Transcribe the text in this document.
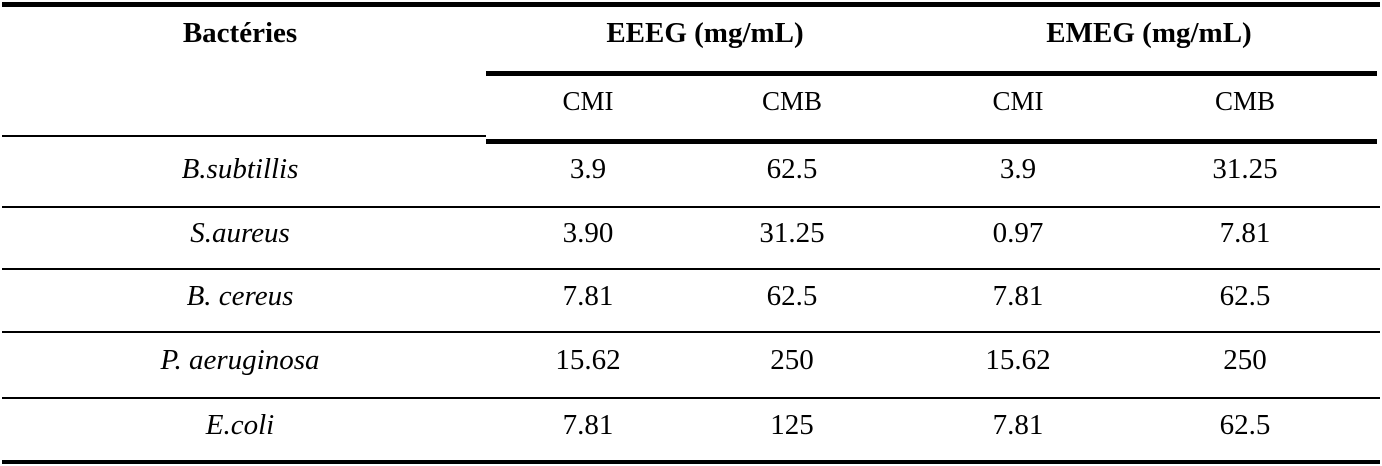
Bactéries	EEEG (mg/mL)	EMEG (mg/mL)
CMI	CMB	CMI	CMB
B.subtillis	3.9	62.5	3.9	31.25
S.aureus	3.90	31.25	0.97	7.81
B. cereus	7.81	62.5	7.81	62.5
P. aeruginosa	15.62	250	15.62	250
E.coli	7.81	125	7.81	62.5
